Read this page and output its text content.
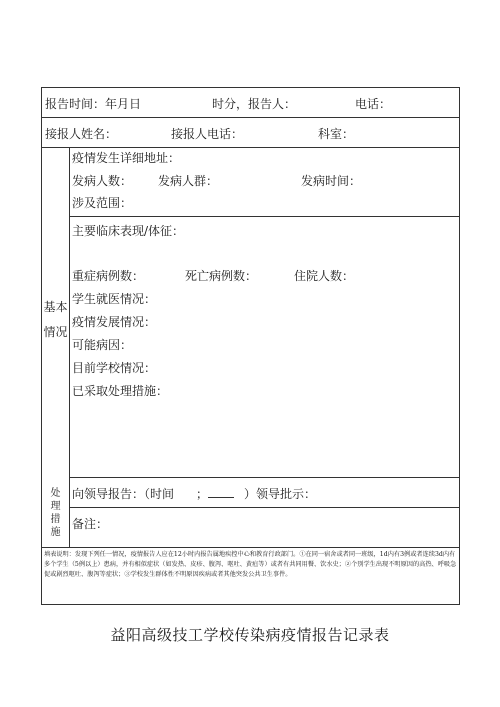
报告时间：年月日	时分，报告人：	电话：
接报人姓名：	接报人电话：	科室：
基本
情况
疫情发生详细地址：
发病人数： 发病人群：	发病时间：
涉及范围：
主要临床表现/体征：
重症病例数：	死亡病例数：	住院人数：
学生就医情况：
疫情发展情况：
可能病因：
目前学校情况：
已采取处理措施：
处
理
措
施
向领导报告：（时间 ；	）领导批示：
备注：
填表说明：发现下列任一情况，疫情报告人应在12小时内报告属地疾控中心和教育行政部门。①在同一宿舍或者同一班级，1d内有3例或者连续3d内有多个学生（5例以上）患病，并有相似症状（如发热、皮疹、腹泻、呕吐、黄疸等）或者有共同用餐、饮水史；②个别学生出现不明原因的高热、呼吸急促或剧烈呕吐、腹泻等症状；③学校发生群体性不明原因疾病或者其他突发公共卫生事件。
益阳高级技工学校传染病疫情报告记录表
